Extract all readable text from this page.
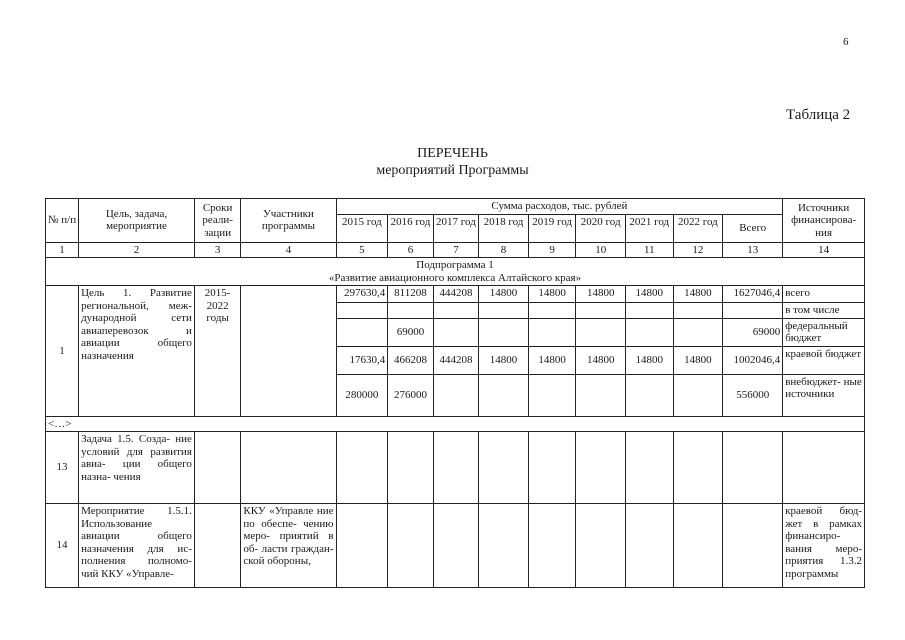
6
Таблица 2
ПЕРЕЧЕНЬ
мероприятий Программы
№ п/п	Цель, задача, мероприятие	Сроки реали- зации	Участники программы	Сумма расходов, тыс. рублей									Источники финансирова- ния
				2015 год	2016 год	2017 год	2018 год	2019 год	2020 год	2021 год	2022 год	Всего	
1	2	3	4	5	6	7	8	9	10	11	12	13	14

Подпрограмма 1
«Развитие авиационного комплекса Алтайского края»													

1	Цель 1. Развитие региональной, меж- дународной сети авиаперевозок и авиации общего назначения	2015- 2022 годы		297630,4	811208	444208	14800	14800	14800	14800	14800	1627046,4	всего
													в том числе
					69000							69000	федеральный бюджет
				17630,4	466208	444208	14800	14800	14800	14800	14800	1002046,4	краевой бюджет
				280000	276000							556000	внебюджет- ные источники
<…>													
13	Задача 1.5. Созда- ние условий для развития авиа- ции общего назна- чения												
14	Мероприятие 1.5.1. Использование авиации общего назначения для ис- полнения полномо- чий ККУ «Управле-		ККУ «Управле ние по обеспе- чению меро- приятий в об- ласти граждан- ской обороны,										краевой бюд- жет в рамках финансиро- вания меро- приятия 1.3.2 программы
